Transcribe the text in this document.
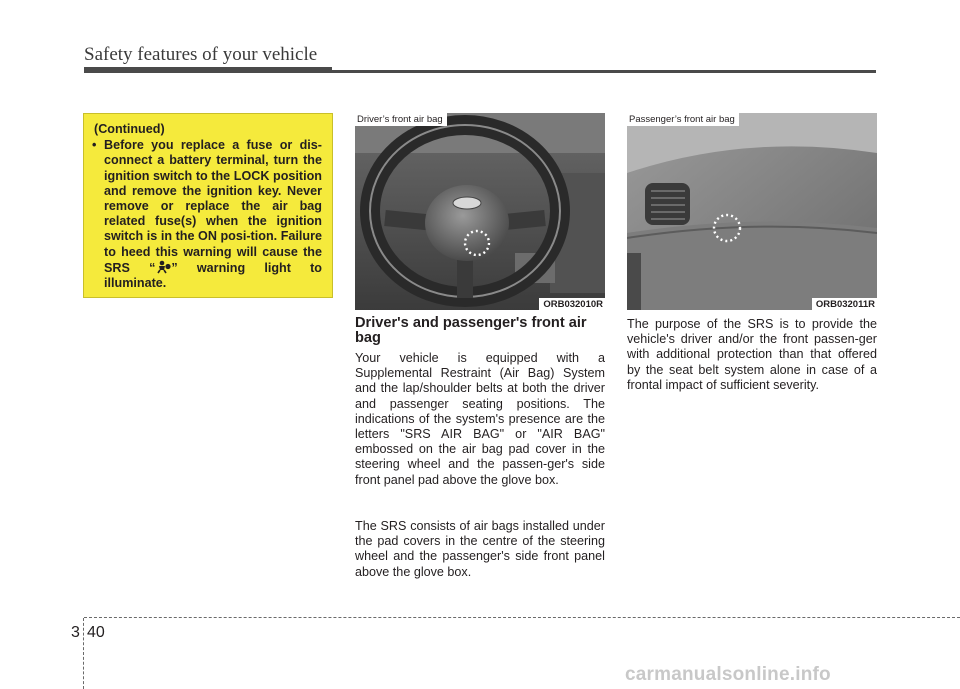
Safety features of your vehicle
(Continued)
• Before you replace a fuse or dis-connect a battery terminal, turn the ignition switch to the LOCK position and remove the ignition key. Never remove or replace the air bag related fuse(s) when the ignition switch is in the ON posi-tion. Failure to heed this warning will cause the SRS “ ” warning light to illuminate.
Driver’s front air bag
ORB032010R
Passenger’s front air bag
ORB032011R
Driver's and passenger's front air bag
Your vehicle is equipped with a Supplemental Restraint (Air Bag) System and the lap/shoulder belts at both the driver and passenger seating positions. The indications of the system's presence are the letters "SRS AIR BAG" or "AIR BAG" embossed on the air bag pad cover in the steering wheel and the passen-ger's side front panel pad above the glove box.
The SRS consists of air bags installed under the pad covers in the centre of the steering wheel and the passenger's side front panel above the glove box.
The purpose of the SRS is to provide the vehicle's driver and/or the front passen-ger with additional protection than that offered by the seat belt system alone in case of a frontal impact of sufficient severity.
3 40
carmanualsonline.info
